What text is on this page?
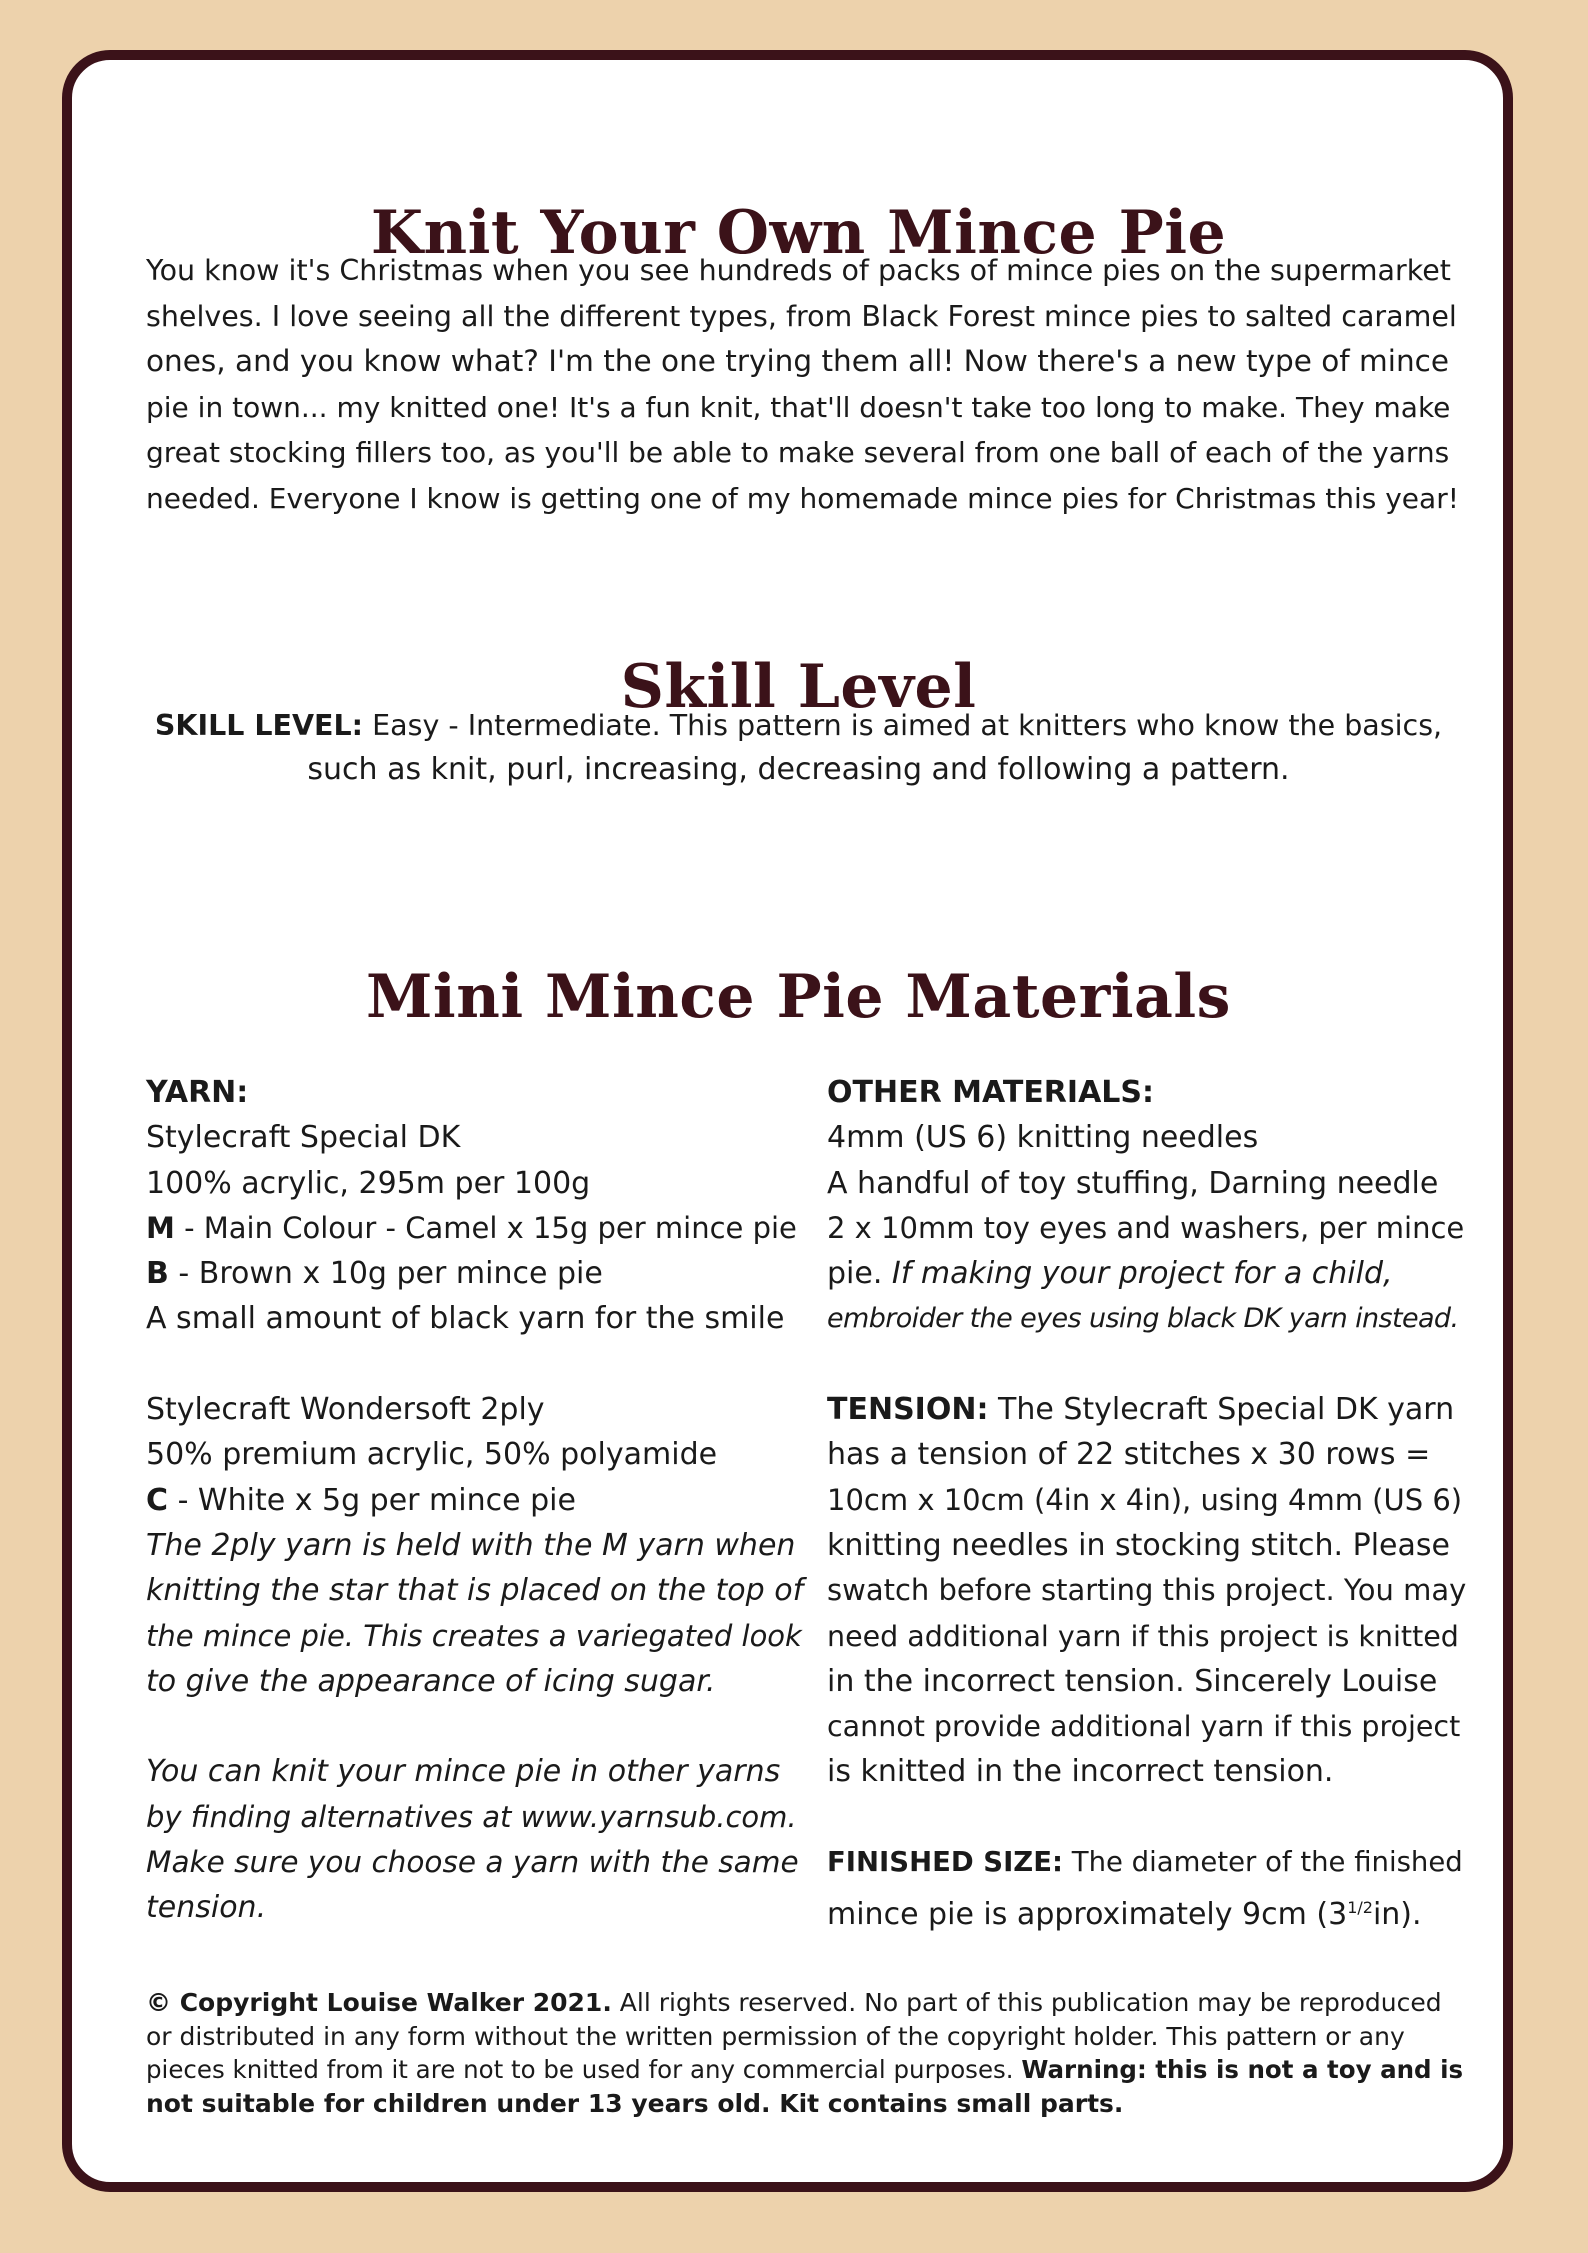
Knit Your Own Mince Pie

You know it's Christmas when you see hundreds of packs of mince pies on the supermarket
shelves. I love seeing all the different types, from Black Forest mince pies to salted caramel
ones, and you know what? I'm the one trying them all! Now there's a new type of mince
pie in town... my knitted one! It's a fun knit, that'll doesn't take too long to make. They make
great stocking fillers too, as you'll be able to make several from one ball of each of the yarns
needed. Everyone I know is getting one of my homemade mince pies for Christmas this year!

Skill Level

SKILL LEVEL: Easy - Intermediate. This pattern is aimed at knitters who know the basics,
such as knit, purl, increasing, decreasing and following a pattern.

Mini Mince Pie Materials
YARN:
Stylecraft Special DK
100% acrylic, 295m per 100g
M - Main Colour - Camel x 15g per mince pie
B - Brown x 10g per mince pie
A small amount of black yarn for the smile
Stylecraft Wondersoft 2ply
50% premium acrylic, 50% polyamide
C - White x 5g per mince pie
The 2ply yarn is held with the M yarn when
knitting the star that is placed on the top of
the mince pie. This creates a variegated look
to give the appearance of icing sugar.
You can knit your mince pie in other yarns
by finding alternatives at www.yarnsub.com.
Make sure you choose a yarn with the same
tension.
OTHER MATERIALS:
4mm (US 6) knitting needles
A handful of toy stuffing, Darning needle
2 x 10mm toy eyes and washers, per mince
pie. If making your project for a child,
embroider the eyes using black DK yarn instead.
TENSION: The Stylecraft Special DK yarn
has a tension of 22 stitches x 30 rows =
10cm x 10cm (4in x 4in), using 4mm (US 6)
knitting needles in stocking stitch. Please
swatch before starting this project. You may
need additional yarn if this project is knitted
in the incorrect tension. Sincerely Louise
cannot provide additional yarn if this project
is knitted in the incorrect tension.
FINISHED SIZE: The diameter of the finished
mince pie is approximately 9cm $(3^{1/2}in)$.

© Copyright Louise Walker 2021. All rights reserved. No part of this publication may be reproduced
or distributed in any form without the written permission of the copyright holder. This pattern or any
pieces knitted from it are not to be used for any commercial purposes. Warning: this is not a toy and is
not suitable for children under 13 years old. Kit contains small parts.
